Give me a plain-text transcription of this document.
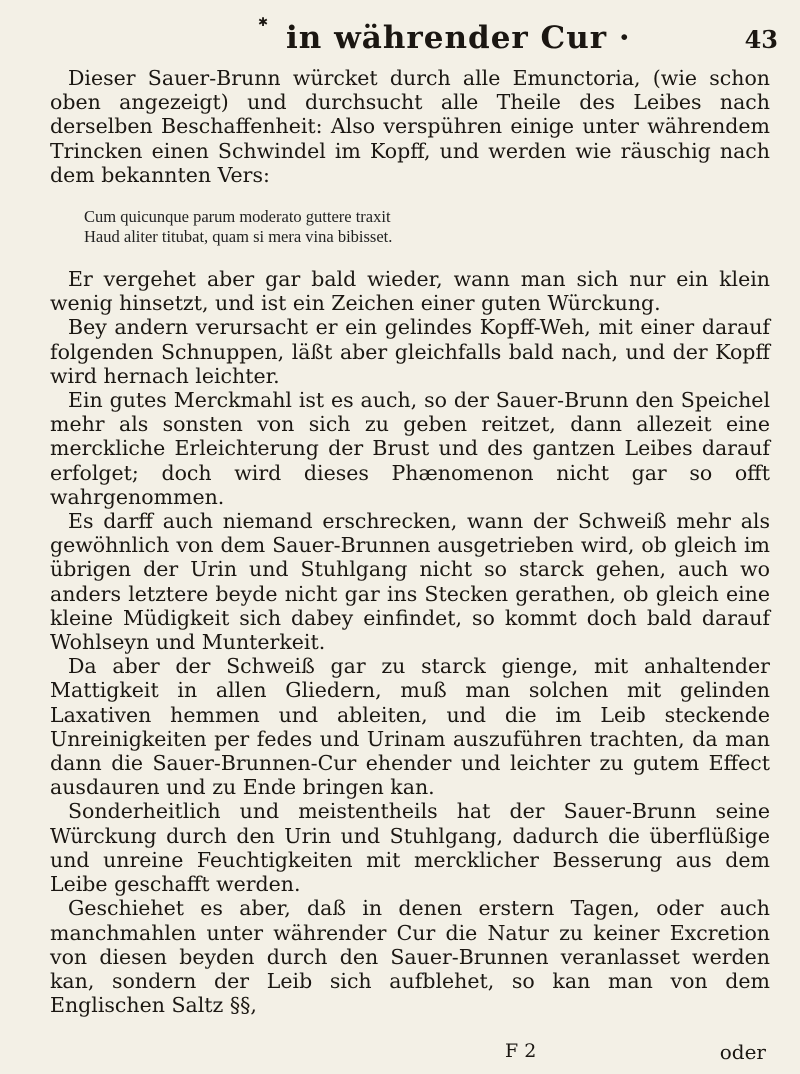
✱ in währender Cur ·	43

Dieser Sauer-Brunn würcket durch alle Emunctoria, (wie schon oben angezeigt) und durchsucht alle Theile des Leibes nach derselben Beschaffenheit: Also verspühren einige unter währendem Trincken einen Schwindel im Kopff, und werden wie räuschig nach dem bekannten Vers:

Cum quicunque parum moderato guttere traxit
Haud aliter titubat, quam si mera vina bibisset.

Er vergehet aber gar bald wieder, wann man sich nur ein klein wenig hinsetzt, und ist ein Zeichen einer guten Würckung.

Bey andern verursacht er ein gelindes Kopff-Weh, mit einer darauf folgenden Schnuppen, läßt aber gleichfalls bald nach, und der Kopff wird hernach leichter.

Ein gutes Merckmahl ist es auch, so der Sauer-Brunn den Speichel mehr als sonsten von sich zu geben reitzet, dann allezeit eine merckliche Erleichterung der Brust und des gantzen Leibes darauf erfolget; doch wird dieses Phænomenon nicht gar so offt wahrgenommen.

Es darff auch niemand erschrecken, wann der Schweiß mehr als gewöhnlich von dem Sauer-Brunnen ausgetrieben wird, ob gleich im übrigen der Urin und Stuhlgang nicht so starck gehen, auch wo anders letztere beyde nicht gar ins Stecken gerathen, ob gleich eine kleine Müdigkeit sich dabey einfindet, so kommt doch bald darauf Wohlseyn und Munterkeit.

Da aber der Schweiß gar zu starck gienge, mit anhaltender Mattigkeit in allen Gliedern, muß man solchen mit gelinden Laxativen hemmen und ableiten, und die im Leib steckende Unreinigkeiten per fedes und Urinam auszuführen trachten, da man dann die Sauer-Brunnen-Cur ehender und leichter zu gutem Effect ausdauren und zu Ende bringen kan.

Sonderheitlich und meistentheils hat der Sauer-Brunn seine Würckung durch den Urin und Stuhlgang, dadurch die überflüßige und unreine Feuchtigkeiten mit mercklicher Besserung aus dem Leibe geschafft werden.

Geschiehet es aber, daß in denen erstern Tagen, oder auch manchmahlen unter währender Cur die Natur zu keiner Excretion von diesen beyden durch den Sauer-Brunnen veranlasset werden kan, sondern der Leib sich aufblehet, so kan man von dem Englischen Saltz §§,

F 2	oder
